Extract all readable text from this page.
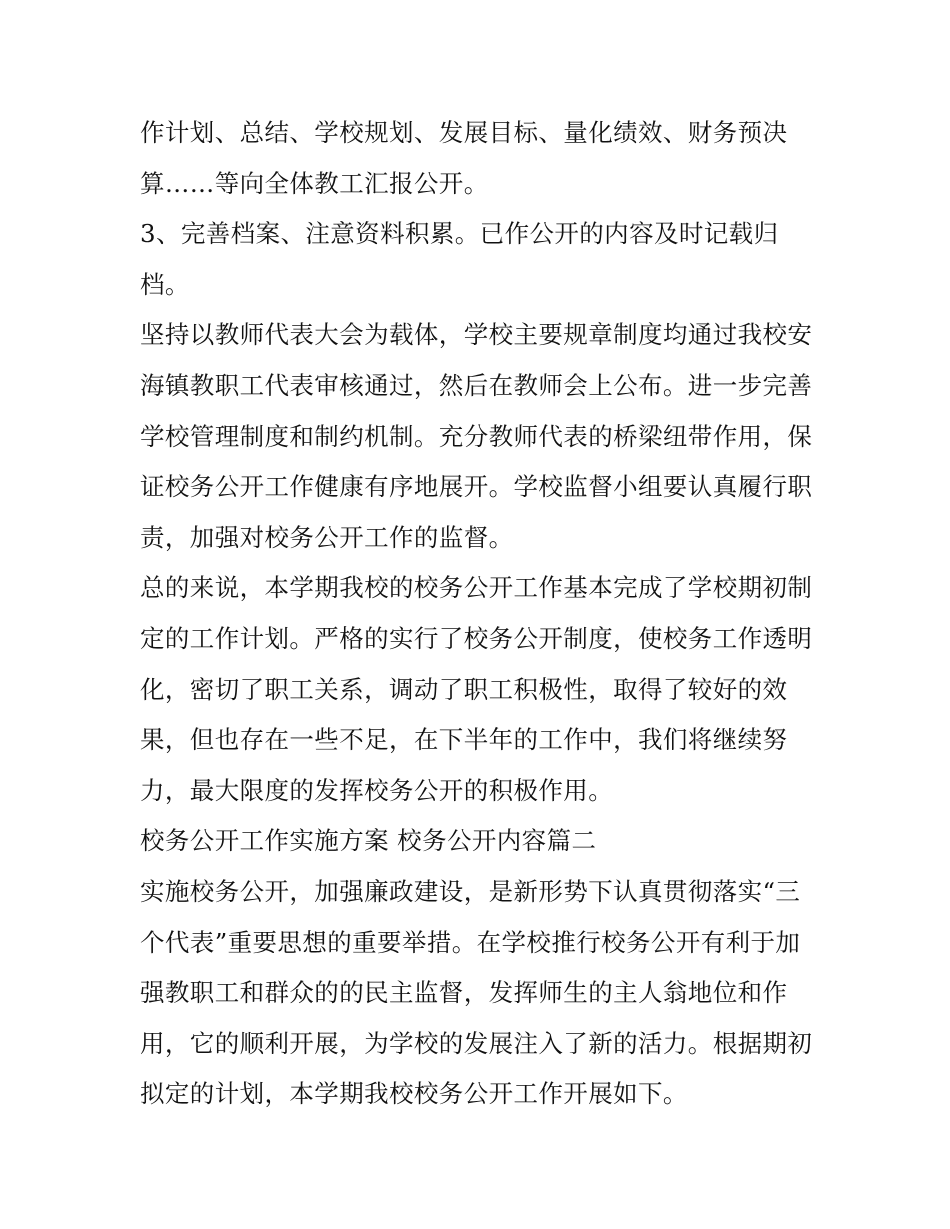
作计划、总结、学校规划、发展目标、量化绩效、财务预决
算……等向全体教工汇报公开。
3、完善档案、注意资料积累。已作公开的内容及时记载归
档。
坚持以教师代表大会为载体，学校主要规章制度均通过我校安
海镇教职工代表审核通过，然后在教师会上公布。进一步完善
学校管理制度和制约机制。充分教师代表的桥梁纽带作用，保
证校务公开工作健康有序地展开。学校监督小组要认真履行职
责，加强对校务公开工作的监督。
总的来说，本学期我校的校务公开工作基本完成了学校期初制
定的工作计划。严格的实行了校务公开制度，使校务工作透明
化，密切了职工关系，调动了职工积极性，取得了较好的效
果，但也存在一些不足，在下半年的工作中，我们将继续努
力，最大限度的发挥校务公开的积极作用。
校务公开工作实施方案 校务公开内容篇二
实施校务公开，加强廉政建设，是新形势下认真贯彻落实“三
个代表”重要思想的重要举措。在学校推行校务公开有利于加
强教职工和群众的的民主监督，发挥师生的主人翁地位和作
用，它的顺利开展，为学校的发展注入了新的活力。根据期初
拟定的计划，本学期我校校务公开工作开展如下。
